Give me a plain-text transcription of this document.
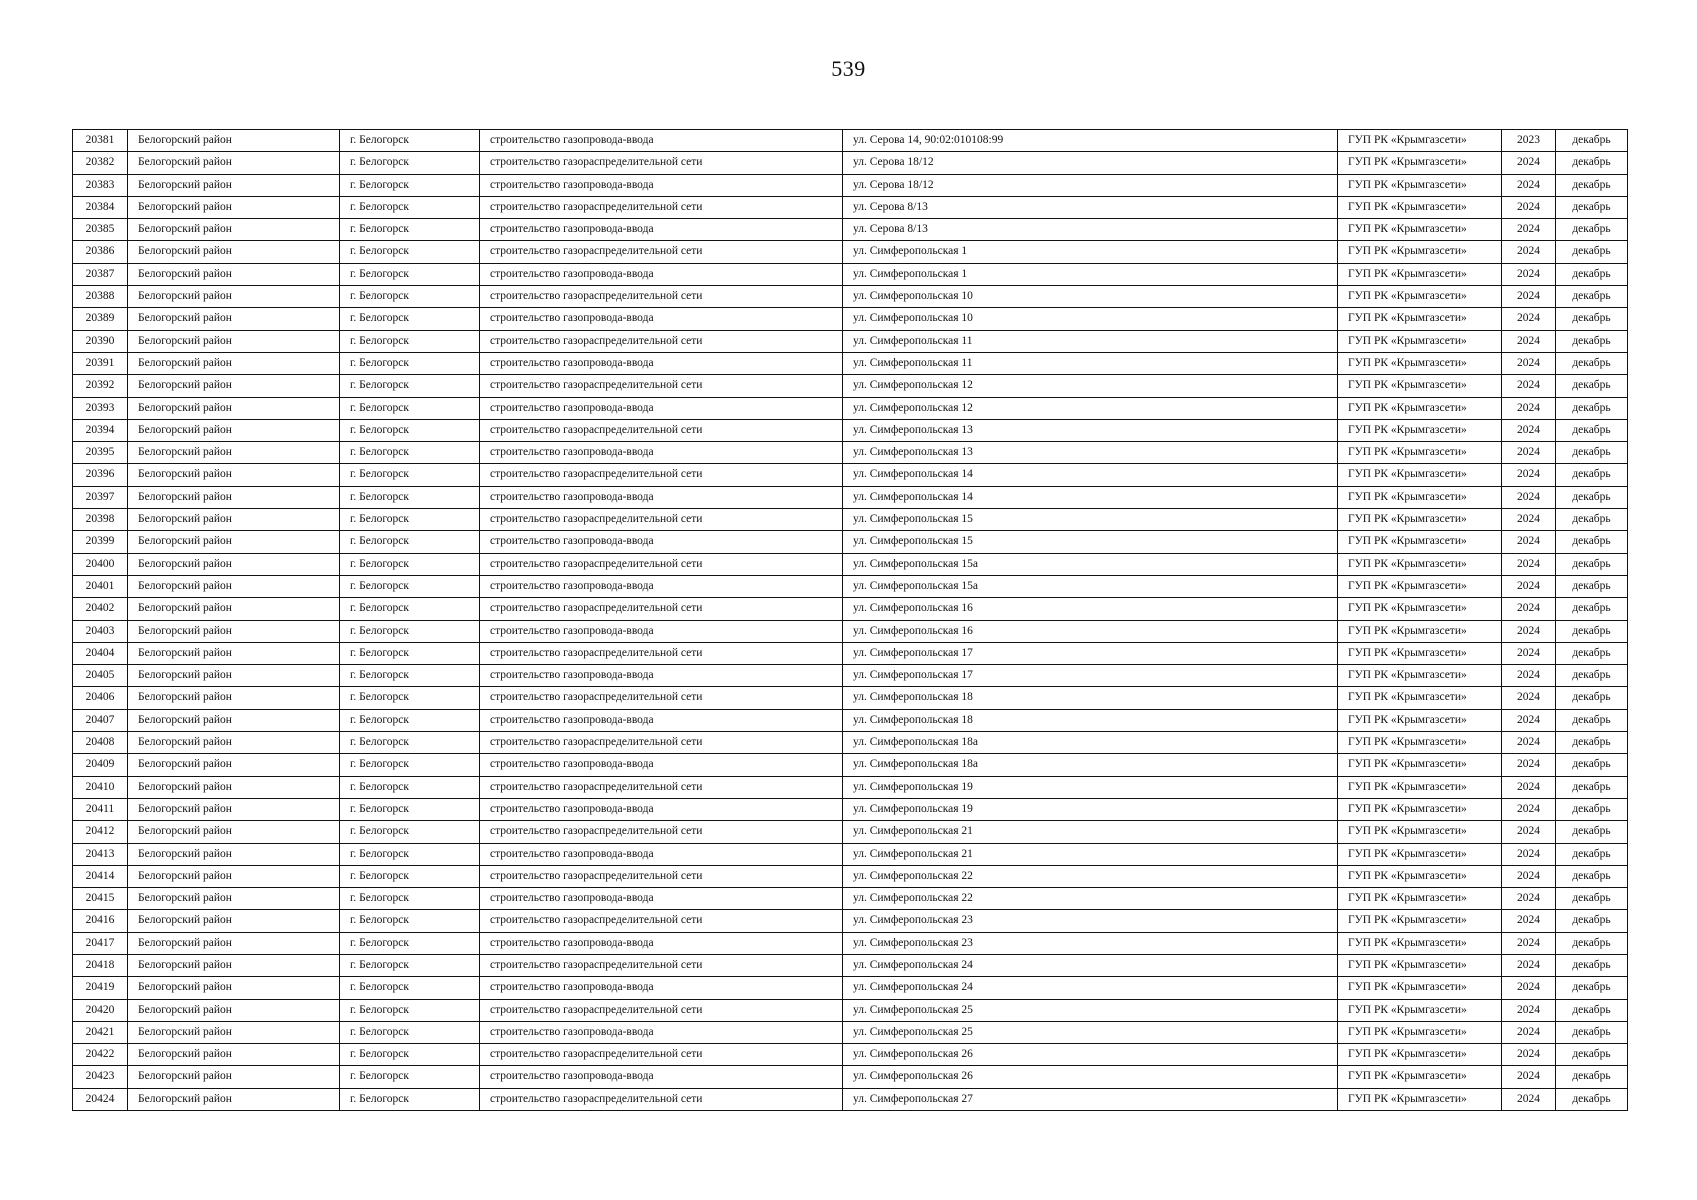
539
20381	Белогорский район	г. Белогорск	строительство газопровода-ввода	ул. Серова 14, 90:02:010108:99	ГУП РК «Крымгазсети»	2023	декабрь
20382	Белогорский район	г. Белогорск	строительство газораспределительной сети	ул. Серова 18/12	ГУП РК «Крымгазсети»	2024	декабрь
20383	Белогорский район	г. Белогорск	строительство газопровода-ввода	ул. Серова 18/12	ГУП РК «Крымгазсети»	2024	декабрь
20384	Белогорский район	г. Белогорск	строительство газораспределительной сети	ул. Серова 8/13	ГУП РК «Крымгазсети»	2024	декабрь
20385	Белогорский район	г. Белогорск	строительство газопровода-ввода	ул. Серова 8/13	ГУП РК «Крымгазсети»	2024	декабрь
20386	Белогорский район	г. Белогорск	строительство газораспределительной сети	ул. Симферопольская 1	ГУП РК «Крымгазсети»	2024	декабрь
20387	Белогорский район	г. Белогорск	строительство газопровода-ввода	ул. Симферопольская 1	ГУП РК «Крымгазсети»	2024	декабрь
20388	Белогорский район	г. Белогорск	строительство газораспределительной сети	ул. Симферопольская 10	ГУП РК «Крымгазсети»	2024	декабрь
20389	Белогорский район	г. Белогорск	строительство газопровода-ввода	ул. Симферопольская 10	ГУП РК «Крымгазсети»	2024	декабрь
20390	Белогорский район	г. Белогорск	строительство газораспределительной сети	ул. Симферопольская 11	ГУП РК «Крымгазсети»	2024	декабрь
20391	Белогорский район	г. Белогорск	строительство газопровода-ввода	ул. Симферопольская 11	ГУП РК «Крымгазсети»	2024	декабрь
20392	Белогорский район	г. Белогорск	строительство газораспределительной сети	ул. Симферопольская 12	ГУП РК «Крымгазсети»	2024	декабрь
20393	Белогорский район	г. Белогорск	строительство газопровода-ввода	ул. Симферопольская 12	ГУП РК «Крымгазсети»	2024	декабрь
20394	Белогорский район	г. Белогорск	строительство газораспределительной сети	ул. Симферопольская 13	ГУП РК «Крымгазсети»	2024	декабрь
20395	Белогорский район	г. Белогорск	строительство газопровода-ввода	ул. Симферопольская 13	ГУП РК «Крымгазсети»	2024	декабрь
20396	Белогорский район	г. Белогорск	строительство газораспределительной сети	ул. Симферопольская 14	ГУП РК «Крымгазсети»	2024	декабрь
20397	Белогорский район	г. Белогорск	строительство газопровода-ввода	ул. Симферопольская 14	ГУП РК «Крымгазсети»	2024	декабрь
20398	Белогорский район	г. Белогорск	строительство газораспределительной сети	ул. Симферопольская 15	ГУП РК «Крымгазсети»	2024	декабрь
20399	Белогорский район	г. Белогорск	строительство газопровода-ввода	ул. Симферопольская 15	ГУП РК «Крымгазсети»	2024	декабрь
20400	Белогорский район	г. Белогорск	строительство газораспределительной сети	ул. Симферопольская 15а	ГУП РК «Крымгазсети»	2024	декабрь
20401	Белогорский район	г. Белогорск	строительство газопровода-ввода	ул. Симферопольская 15а	ГУП РК «Крымгазсети»	2024	декабрь
20402	Белогорский район	г. Белогорск	строительство газораспределительной сети	ул. Симферопольская 16	ГУП РК «Крымгазсети»	2024	декабрь
20403	Белогорский район	г. Белогорск	строительство газопровода-ввода	ул. Симферопольская 16	ГУП РК «Крымгазсети»	2024	декабрь
20404	Белогорский район	г. Белогорск	строительство газораспределительной сети	ул. Симферопольская 17	ГУП РК «Крымгазсети»	2024	декабрь
20405	Белогорский район	г. Белогорск	строительство газопровода-ввода	ул. Симферопольская 17	ГУП РК «Крымгазсети»	2024	декабрь
20406	Белогорский район	г. Белогорск	строительство газораспределительной сети	ул. Симферопольская 18	ГУП РК «Крымгазсети»	2024	декабрь
20407	Белогорский район	г. Белогорск	строительство газопровода-ввода	ул. Симферопольская 18	ГУП РК «Крымгазсети»	2024	декабрь
20408	Белогорский район	г. Белогорск	строительство газораспределительной сети	ул. Симферопольская 18а	ГУП РК «Крымгазсети»	2024	декабрь
20409	Белогорский район	г. Белогорск	строительство газопровода-ввода	ул. Симферопольская 18а	ГУП РК «Крымгазсети»	2024	декабрь
20410	Белогорский район	г. Белогорск	строительство газораспределительной сети	ул. Симферопольская 19	ГУП РК «Крымгазсети»	2024	декабрь
20411	Белогорский район	г. Белогорск	строительство газопровода-ввода	ул. Симферопольская 19	ГУП РК «Крымгазсети»	2024	декабрь
20412	Белогорский район	г. Белогорск	строительство газораспределительной сети	ул. Симферопольская 21	ГУП РК «Крымгазсети»	2024	декабрь
20413	Белогорский район	г. Белогорск	строительство газопровода-ввода	ул. Симферопольская 21	ГУП РК «Крымгазсети»	2024	декабрь
20414	Белогорский район	г. Белогорск	строительство газораспределительной сети	ул. Симферопольская 22	ГУП РК «Крымгазсети»	2024	декабрь
20415	Белогорский район	г. Белогорск	строительство газопровода-ввода	ул. Симферопольская 22	ГУП РК «Крымгазсети»	2024	декабрь
20416	Белогорский район	г. Белогорск	строительство газораспределительной сети	ул. Симферопольская 23	ГУП РК «Крымгазсети»	2024	декабрь
20417	Белогорский район	г. Белогорск	строительство газопровода-ввода	ул. Симферопольская 23	ГУП РК «Крымгазсети»	2024	декабрь
20418	Белогорский район	г. Белогорск	строительство газораспределительной сети	ул. Симферопольская 24	ГУП РК «Крымгазсети»	2024	декабрь
20419	Белогорский район	г. Белогорск	строительство газопровода-ввода	ул. Симферопольская 24	ГУП РК «Крымгазсети»	2024	декабрь
20420	Белогорский район	г. Белогорск	строительство газораспределительной сети	ул. Симферопольская 25	ГУП РК «Крымгазсети»	2024	декабрь
20421	Белогорский район	г. Белогорск	строительство газопровода-ввода	ул. Симферопольская 25	ГУП РК «Крымгазсети»	2024	декабрь
20422	Белогорский район	г. Белогорск	строительство газораспределительной сети	ул. Симферопольская 26	ГУП РК «Крымгазсети»	2024	декабрь
20423	Белогорский район	г. Белогорск	строительство газопровода-ввода	ул. Симферопольская 26	ГУП РК «Крымгазсети»	2024	декабрь
20424	Белогорский район	г. Белогорск	строительство газораспределительной сети	ул. Симферопольская 27	ГУП РК «Крымгазсети»	2024	декабрь
